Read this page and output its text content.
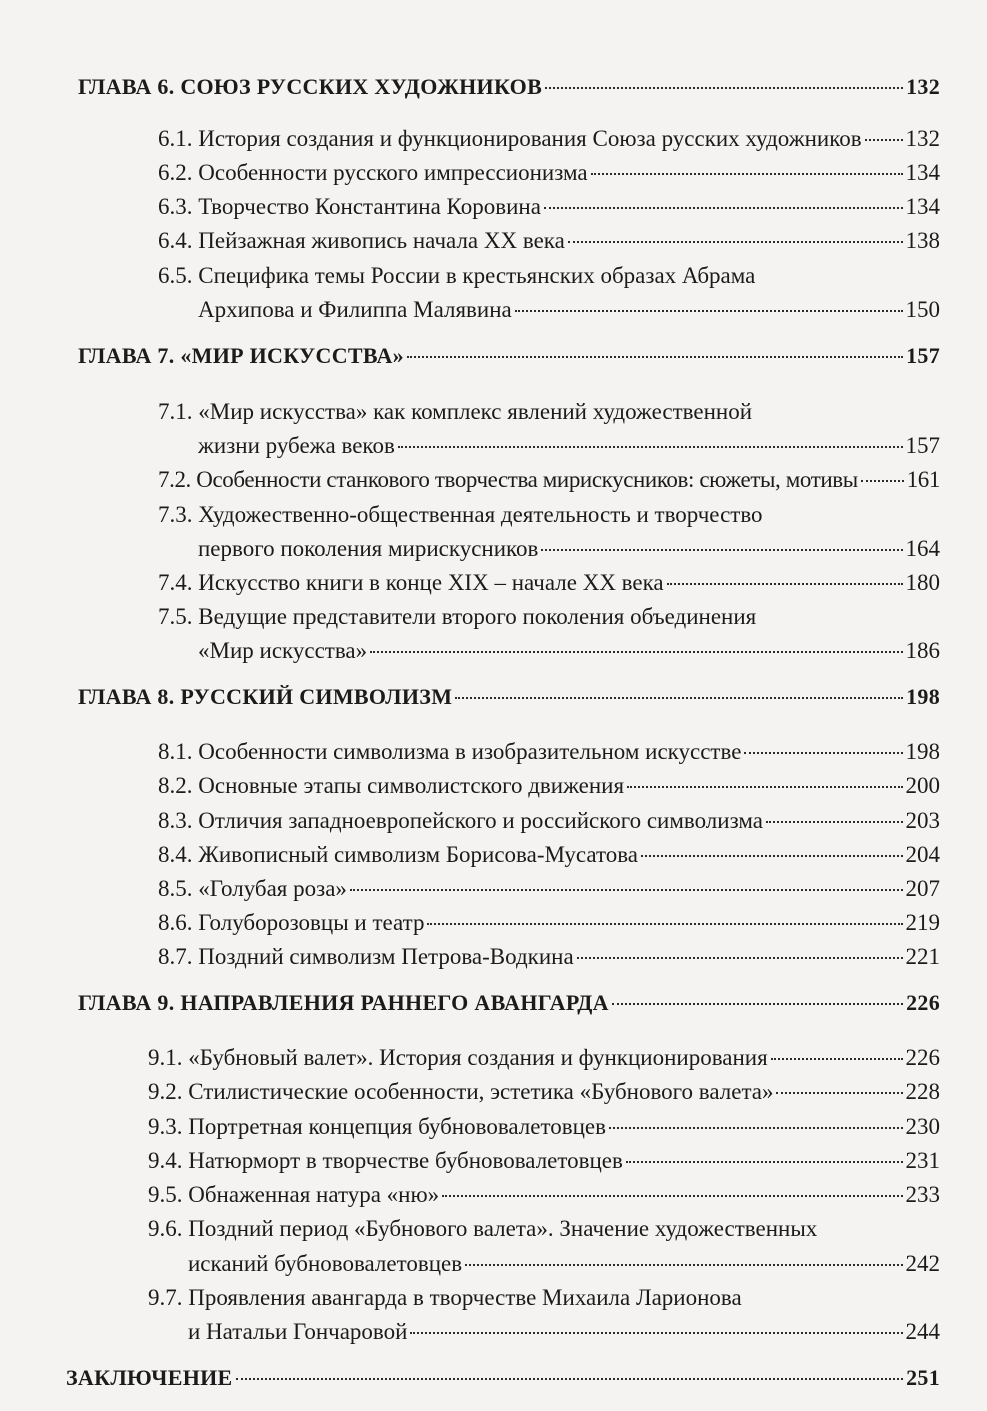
ГЛАВА 6. СОЮЗ РУССКИХ ХУДОЖНИКОВ	132
6.1. История создания и функционирования Союза русских художников 132
6.2. Особенности русского импрессионизма	134
6.3. Творчество Константина Коровина	134
6.4. Пейзажная живопись начала XX века	138
6.5. Специфика темы России в крестьянских образах Абрама
Архипова и Филиппа Малявина	150
ГЛАВА 7. «МИР ИСКУССТВА»	157
7.1. «Мир искусства» как комплекс явлений художественной
жизни рубежа веков	157
7.2. Особенности станкового творчества мирискусников: сюжеты, мотивы 161
7.3. Художественно-общественная деятельность и творчество
первого поколения мирискусников	164
7.4. Искусство книги в конце XIX – начале XX века	180
7.5. Ведущие представители второго поколения объединения
«Мир искусства»	186
ГЛАВА 8. РУССКИЙ СИМВОЛИЗМ	198
8.1. Особенности символизма в изобразительном искусстве	198
8.2. Основные этапы символистского движения	200
8.3. Отличия западноевропейского и российского символизма	203
8.4. Живописный символизм Борисова-Мусатова	204
8.5. «Голубая роза»	207
8.6. Голуборозовцы и театр	219
8.7. Поздний символизм Петрова-Водкина	221
ГЛАВА 9. НАПРАВЛЕНИЯ РАННЕГО АВАНГАРДА	226
9.1. «Бубновый валет». История создания и функционирования	226
9.2. Стилистические особенности, эстетика «Бубнового валета»	228
9.3. Портретная концепция бубнововалетовцев	230
9.4. Натюрморт в творчестве бубнововалетовцев	231
9.5. Обнаженная натура «ню»	233
9.6. Поздний период «Бубнового валета». Значение художественных
исканий бубнововалетовцев	242
9.7. Проявления авангарда в творчестве Михаила Ларионова
и Натальи Гончаровой	244
ЗАКЛЮЧЕНИЕ	251
